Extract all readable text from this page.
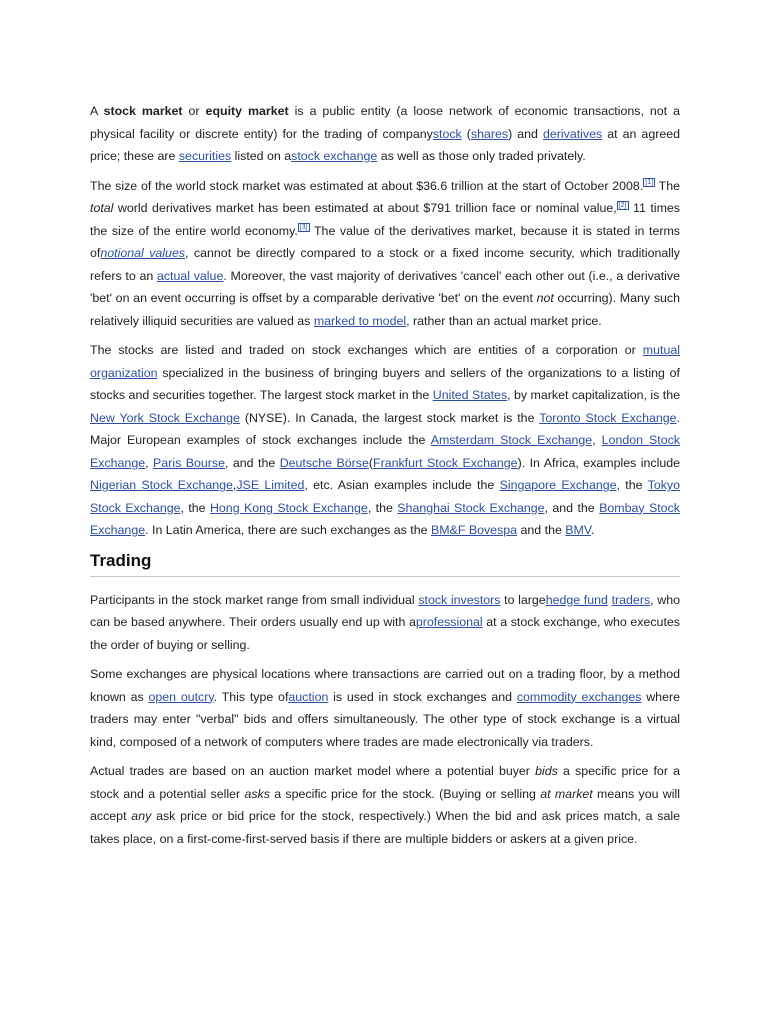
A stock market or equity market is a public entity (a loose network of economic transactions, not a physical facility or discrete entity) for the trading of companystock (shares) and derivatives at an agreed price; these are securities listed on astock exchange as well as those only traded privately.

The size of the world stock market was estimated at about $36.6 trillion at the start of October 2008. [1] The total world derivatives market has been estimated at about $791 trillion face or nominal value, [2] 11 times the size of the entire world economy. [3] The value of the derivatives market, because it is stated in terms ofnotional values, cannot be directly compared to a stock or a fixed income security, which traditionally refers to an actual value. Moreover, the vast majority of derivatives 'cancel' each other out (i.e., a derivative 'bet' on an event occurring is offset by a comparable derivative 'bet' on the event not occurring). Many such relatively illiquid securities are valued as marked to model, rather than an actual market price.

The stocks are listed and traded on stock exchanges which are entities of a corporation or mutual organization specialized in the business of bringing buyers and sellers of the organizations to a listing of stocks and securities together. The largest stock market in the United States, by market capitalization, is the New York Stock Exchange (NYSE). In Canada, the largest stock market is the Toronto Stock Exchange. Major European examples of stock exchanges include the Amsterdam Stock Exchange, London Stock Exchange, Paris Bourse, and the Deutsche Börse(Frankfurt Stock Exchange). In Africa, examples include Nigerian Stock Exchange,JSE Limited, etc. Asian examples include the Singapore Exchange, the Tokyo Stock Exchange, the Hong Kong Stock Exchange, the Shanghai Stock Exchange, and the Bombay Stock Exchange. In Latin America, there are such exchanges as the BM&F Bovespa and the BMV.

Trading

Participants in the stock market range from small individual stock investors to largehedge fund traders, who can be based anywhere. Their orders usually end up with aprofessional at a stock exchange, who executes the order of buying or selling.

Some exchanges are physical locations where transactions are carried out on a trading floor, by a method known as open outcry. This type ofauction is used in stock exchanges and commodity exchanges where traders may enter "verbal" bids and offers simultaneously. The other type of stock exchange is a virtual kind, composed of a network of computers where trades are made electronically via traders.

Actual trades are based on an auction market model where a potential buyer bids a specific price for a stock and a potential seller asks a specific price for the stock. (Buying or selling at market means you will accept any ask price or bid price for the stock, respectively.) When the bid and ask prices match, a sale takes place, on a first-come-first-served basis if there are multiple bidders or askers at a given price.
